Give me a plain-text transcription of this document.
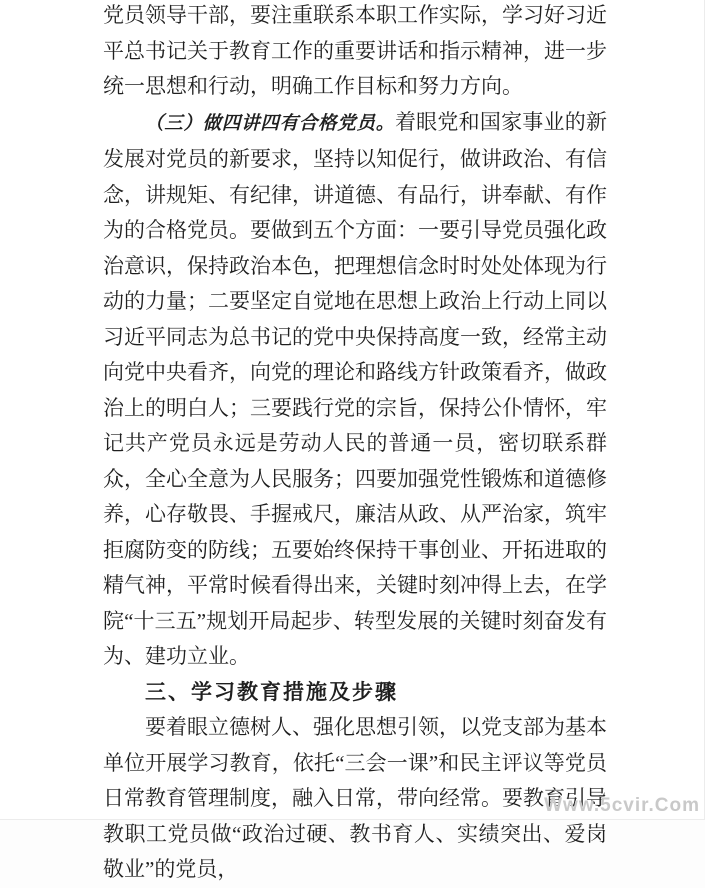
党员领导干部，要注重联系本职工作实际，学习好习近平总书记关于教育工作的重要讲话和指示精神，进一步统一思想和行动，明确工作目标和努力方向。

（三）做四讲四有合格党员。着眼党和国家事业的新发展对党员的新要求，坚持以知促行，做讲政治、有信念，讲规矩、有纪律，讲道德、有品行，讲奉献、有作为的合格党员。要做到五个方面：一要引导党员强化政治意识，保持政治本色，把理想信念时时处处体现为行动的力量；二要坚定自觉地在思想上政治上行动上同以习近平同志为总书记的党中央保持高度一致，经常主动向党中央看齐，向党的理论和路线方针政策看齐，做政治上的明白人；三要践行党的宗旨，保持公仆情怀，牢记共产党员永远是劳动人民的普通一员，密切联系群众，全心全意为人民服务；四要加强党性锻炼和道德修养，心存敬畏、手握戒尺，廉洁从政、从严治家，筑牢拒腐防变的防线；五要始终保持干事创业、开拓进取的精气神，平常时候看得出来，关键时刻冲得上去，在学院“十三五”规划开局起步、转型发展的关键时刻奋发有为、建功立业。

三、学习教育措施及步骤

要着眼立德树人、强化思想引领，以党支部为基本单位开展学习教育，依托“三会一课”和民主评议等党员日常教育管理制度，融入日常，带向经常。要教育引导教职工党员做“政治过硬、教书育人、实绩突出、爱岗敬业”的党员，

Www.5cvir.Com
